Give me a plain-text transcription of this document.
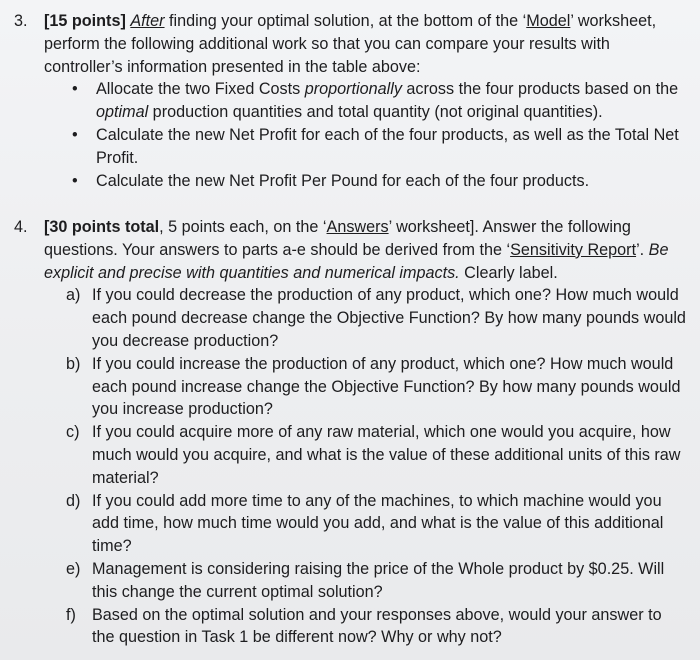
3. [15 points] After finding your optimal solution, at the bottom of the ‘Model’ worksheet, perform the following additional work so that you can compare your results with controller’s information presented in the table above:
• Allocate the two Fixed Costs proportionally across the four products based on the optimal production quantities and total quantity (not original quantities).
• Calculate the new Net Profit for each of the four products, as well as the Total Net Profit.
• Calculate the new Net Profit Per Pound for each of the four products.
4. [30 points total, 5 points each, on the ‘Answers’ worksheet]. Answer the following questions. Your answers to parts a-e should be derived from the ‘Sensitivity Report’. Be explicit and precise with quantities and numerical impacts. Clearly label.
a) If you could decrease the production of any product, which one? How much would each pound decrease change the Objective Function? By how many pounds would you decrease production?
b) If you could increase the production of any product, which one? How much would each pound increase change the Objective Function? By how many pounds would you increase production?
c) If you could acquire more of any raw material, which one would you acquire, how much would you acquire, and what is the value of these additional units of this raw material?
d) If you could add more time to any of the machines, to which machine would you add time, how much time would you add, and what is the value of this additional time?
e) Management is considering raising the price of the Whole product by $0.25. Will this change the current optimal solution?
f) Based on the optimal solution and your responses above, would your answer to the question in Task 1 be different now? Why or why not?
